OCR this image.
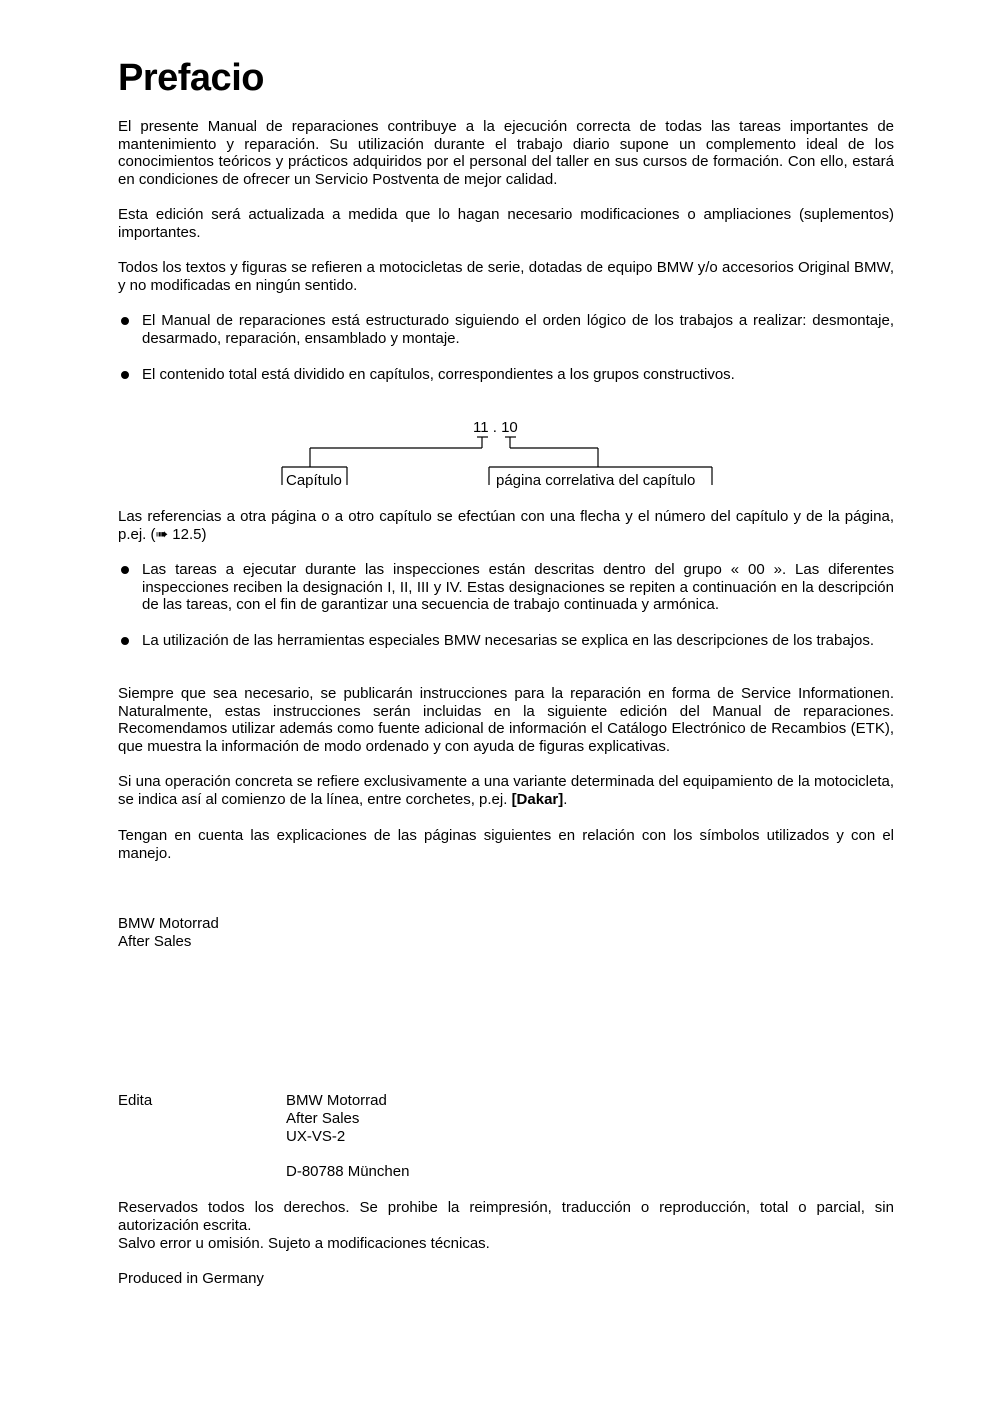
Prefacio

El presente Manual de reparaciones contribuye a la ejecución correcta de todas las tareas importantes de mantenimiento y reparación. Su utilización durante el trabajo diario supone un complemento ideal de los conocimientos teóricos y prácticos adquiridos por el personal del taller en sus cursos de formación. Con ello, estará en condiciones de ofrecer un Servicio Postventa de mejor calidad.

Esta edición será actualizada a medida que lo hagan necesario modificaciones o ampliaciones (suplementos) importantes.

Todos los textos y figuras se refieren a motocicletas de serie, dotadas de equipo BMW y/o accesorios Original BMW, y no modificadas en ningún sentido.

El Manual de reparaciones está estructurado siguiendo el orden lógico de los trabajos a realizar: desmontaje, desarmado, reparación, ensamblado y montaje.
El contenido total está dividido en capítulos, correspondientes a los grupos constructivos.
11 . 10
Capítulo	página correlativa del capítulo

Las referencias a otra página o a otro capítulo se efectúan con una flecha y el número del capítulo y de la página, p.ej. (➠ 12.5)

Las tareas a ejecutar durante las inspecciones están descritas dentro del grupo « 00 ». Las diferentes inspecciones reciben la designación I, II, III y IV. Estas designaciones se repiten a continuación en la descripción de las tareas, con el fin de garantizar una secuencia de trabajo continuada y armónica.
La utilización de las herramientas especiales BMW necesarias se explica en las descripciones de los trabajos.

Siempre que sea necesario, se publicarán instrucciones para la reparación en forma de Service Informationen. Naturalmente, estas instrucciones serán incluidas en la siguiente edición del Manual de reparaciones. Recomendamos utilizar además como fuente adicional de información el Catálogo Electrónico de Recambios (ETK), que muestra la información de modo ordenado y con ayuda de figuras explicativas.

Si una operación concreta se refiere exclusivamente a una variante determinada del equipamiento de la motocicleta, se indica así al comienzo de la línea, entre corchetes, p.ej. [Dakar].

Tengan en cuenta las explicaciones de las páginas siguientes en relación con los símbolos utilizados y con el manejo.

BMW Motorrad

After Sales

Edita	BMW Motorrad

After Sales

UX-VS-2

D-80788 München

Reservados todos los derechos. Se prohibe la reimpresión, traducción o reproducción, total o parcial, sin autorización escrita.

Salvo error u omisión. Sujeto a modificaciones técnicas.

Produced in Germany
